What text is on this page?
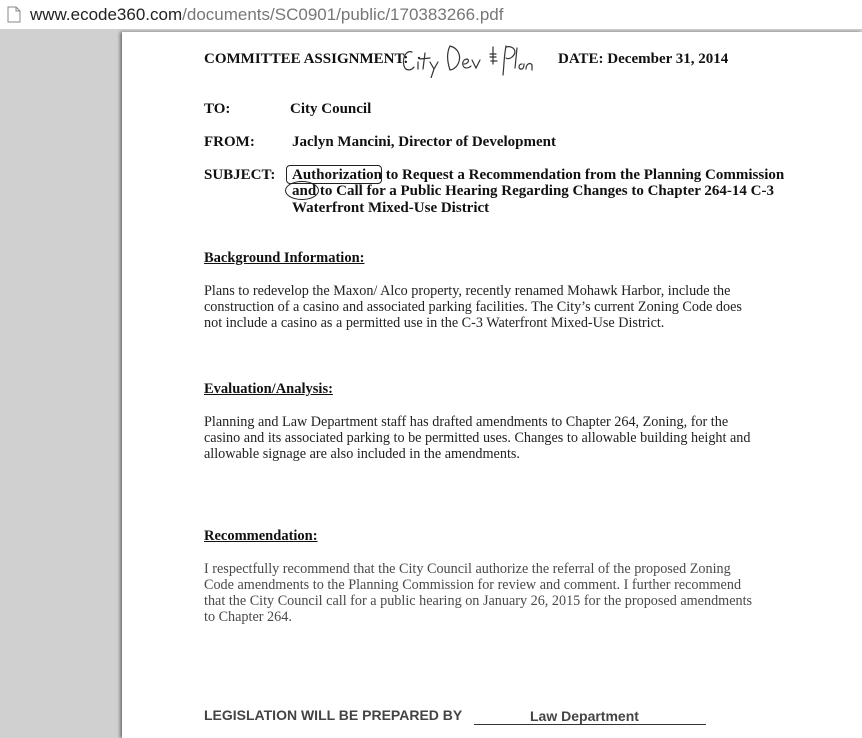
www.ecode360.com/documents/SC0901/public/170383266.pdf
COMMITTEE ASSIGNMENT:	DATE: December 31, 2014
TO:	City Council
FROM: Jaclyn Mancini, Director of Development
SUBJECT: Authorization to Request a Recommendation from the Planning Commission
and to Call for a Public Hearing Regarding Changes to Chapter 264-14 C-3
Waterfront Mixed-Use District
Background Information:
Plans to redevelop the Maxon/ Alco property, recently renamed Mohawk Harbor, include the
construction of a casino and associated parking facilities. The City’s current Zoning Code does
not include a casino as a permitted use in the C-3 Waterfront Mixed-Use District.
Evaluation/Analysis:
Planning and Law Department staff has drafted amendments to Chapter 264, Zoning, for the
casino and its associated parking to be permitted uses. Changes to allowable building height and
allowable signage are also included in the amendments.
Recommendation:
I respectfully recommend that the City Council authorize the referral of the proposed Zoning
Code amendments to the Planning Commission for review and comment. I further recommend
that the City Council call for a public hearing on January 26, 2015 for the proposed amendments
to Chapter 264.
LEGISLATION WILL BE PREPARED BY	Law Department
